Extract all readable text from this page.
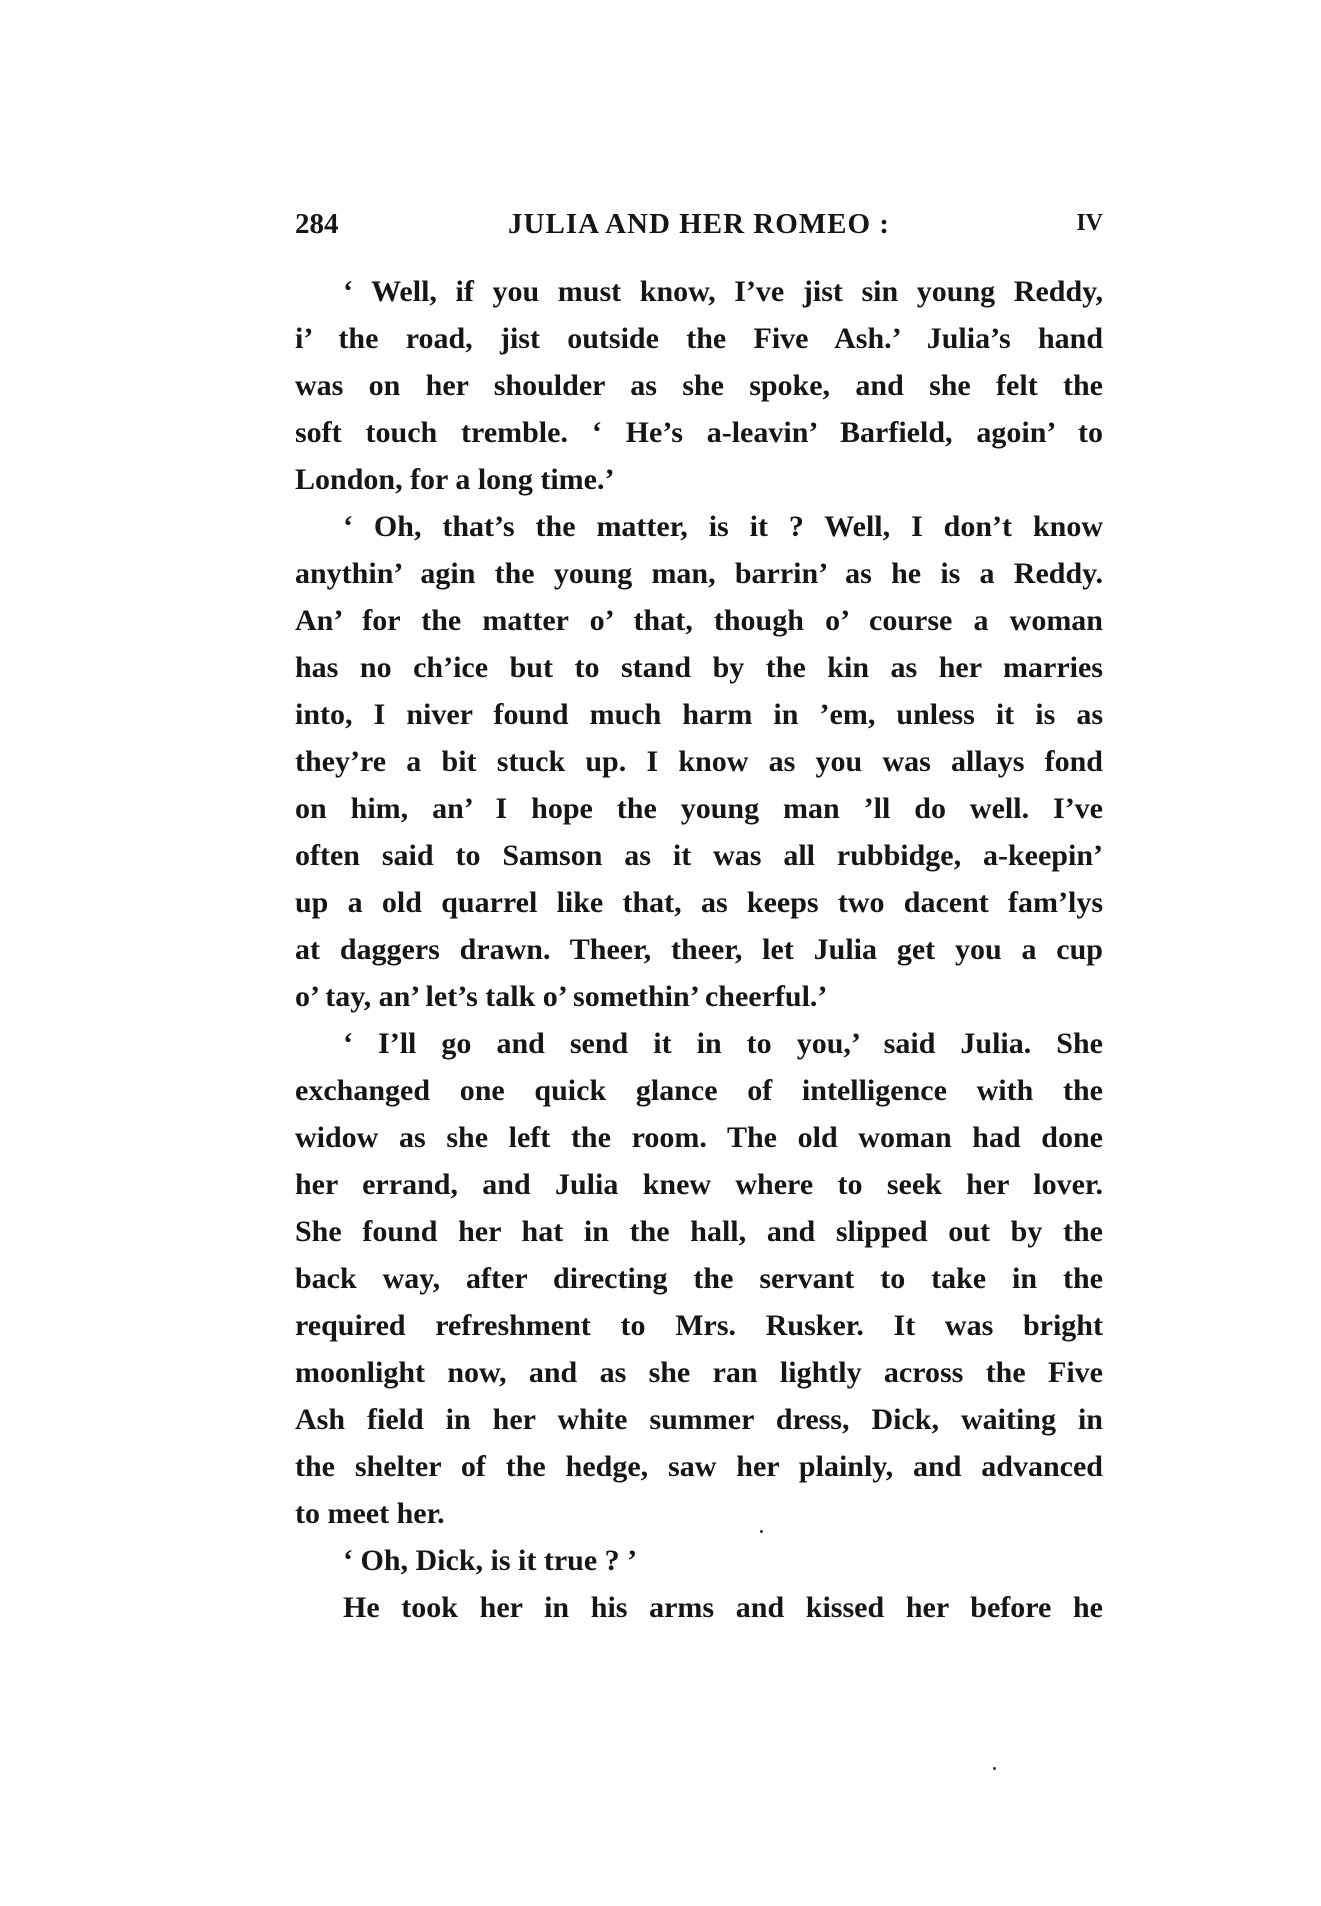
284	JULIA AND HER ROMEO :	IV
‘ Well, if you must know, I’ve jist sin young Reddy,
i’ the road, jist outside the Five Ash.’ Julia’s hand
was on her shoulder as she spoke, and she felt the
soft touch tremble. ‘ He’s a-leavin’ Barfield, agoin’ to
London, for a long time.’
‘ Oh, that’s the matter, is it ? Well, I don’t know
anythin’ agin the young man, barrin’ as he is a Reddy.
An’ for the matter o’ that, though o’ course a woman
has no ch’ice but to stand by the kin as her marries
into, I niver found much harm in ’em, unless it is as
they’re a bit stuck up. I know as you was allays fond
on him, an’ I hope the young man ’ll do well. I’ve
often said to Samson as it was all rubbidge, a-keepin’
up a old quarrel like that, as keeps two dacent fam’lys
at daggers drawn. Theer, theer, let Julia get you a cup
o’ tay, an’ let’s talk o’ somethin’ cheerful.’
‘ I’ll go and send it in to you,’ said Julia. She
exchanged one quick glance of intelligence with the
widow as she left the room. The old woman had done
her errand, and Julia knew where to seek her lover.
She found her hat in the hall, and slipped out by the
back way, after directing the servant to take in the
required refreshment to Mrs. Rusker. It was bright
moonlight now, and as she ran lightly across the Five
Ash field in her white summer dress, Dick, waiting in
the shelter of the hedge, saw her plainly, and advanced
to meet her.
‘ Oh, Dick, is it true ? ’
He took her in his arms and kissed her before he
